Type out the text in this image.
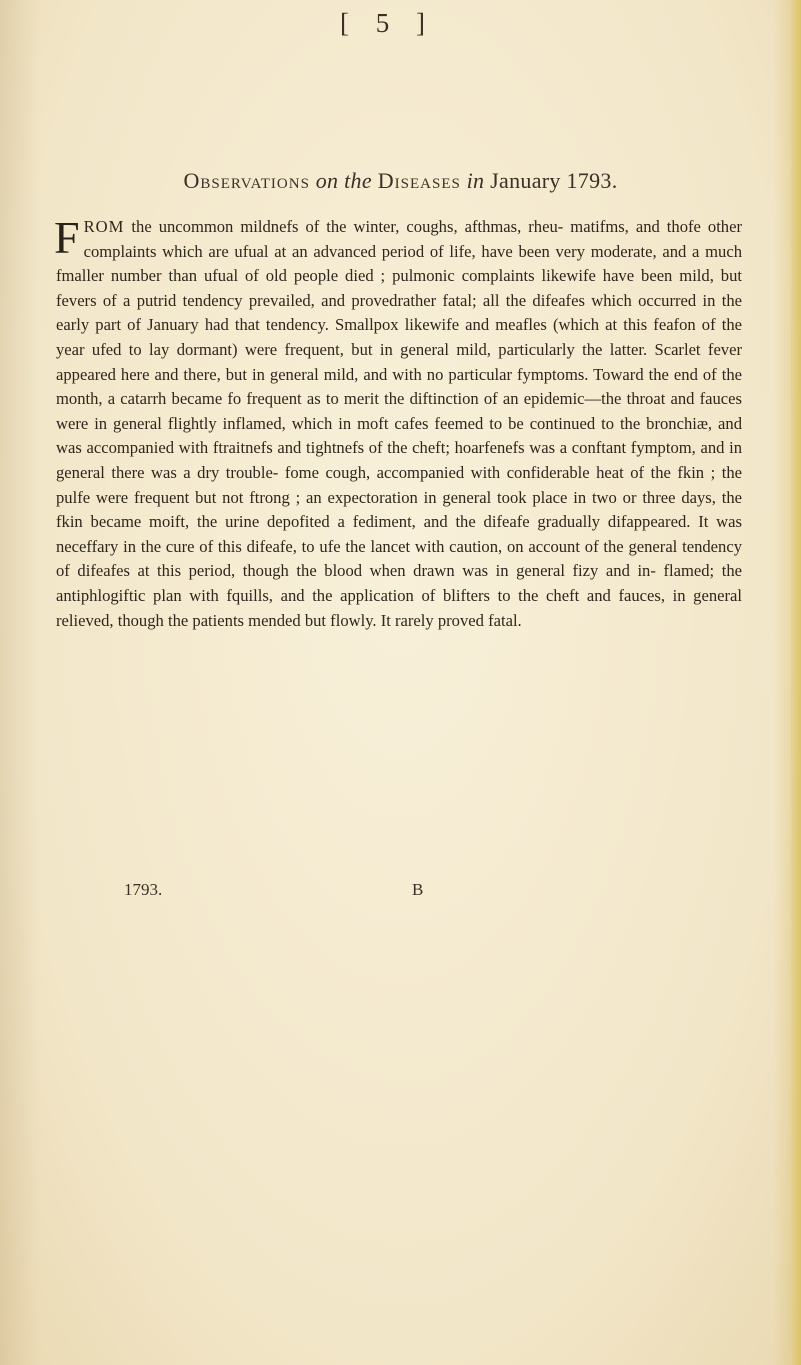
[ 5 ]
Observations on the Diseases in January 1793.
FROM the uncommon mildnefs of the winter, coughs, afthmas, rheu- matifms, and thofe other complaints which are ufual at an advanced period of life, have been very moderate, and a much fmaller number than ufual of old people died ; pulmonic complaints likewife have been mild, but fevers of a putrid tendency prevailed, and provedrather fatal; all the difeafes which occurred in the early part of January had that tendency. Smallpox likewife and meafles (which at this feafon of the year ufed to lay dormant) were frequent, but in general mild, particularly the latter. Scarlet fever appeared here and there, but in general mild, and with no particular fymptoms. Toward the end of the month, a catarrh became fo frequent as to merit the diftinction of an epidemic—the throat and fauces were in general flightly inflamed, which in moft cafes feemed to be continued to the bronchiæ, and was accompanied with ftraitnefs and tightnefs of the cheft; hoarfenefs was a conftant fymptom, and in general there was a dry trouble- fome cough, accompanied with confiderable heat of the fkin ; the pulfe were frequent but not ftrong ; an expectoration in general took place in two or three days, the fkin became moift, the urine depofited a fediment, and the difeafe gradually difappeared. It was neceffary in the cure of this difeafe, to ufe the lancet with caution, on account of the general tendency of difeafes at this period, though the blood when drawn was in general fizy and in- flamed; the antiphlogiftic plan with fquills, and the application of blifters to the cheft and fauces, in general relieved, though the patients mended but flowly. It rarely proved fatal.
1793.	B
